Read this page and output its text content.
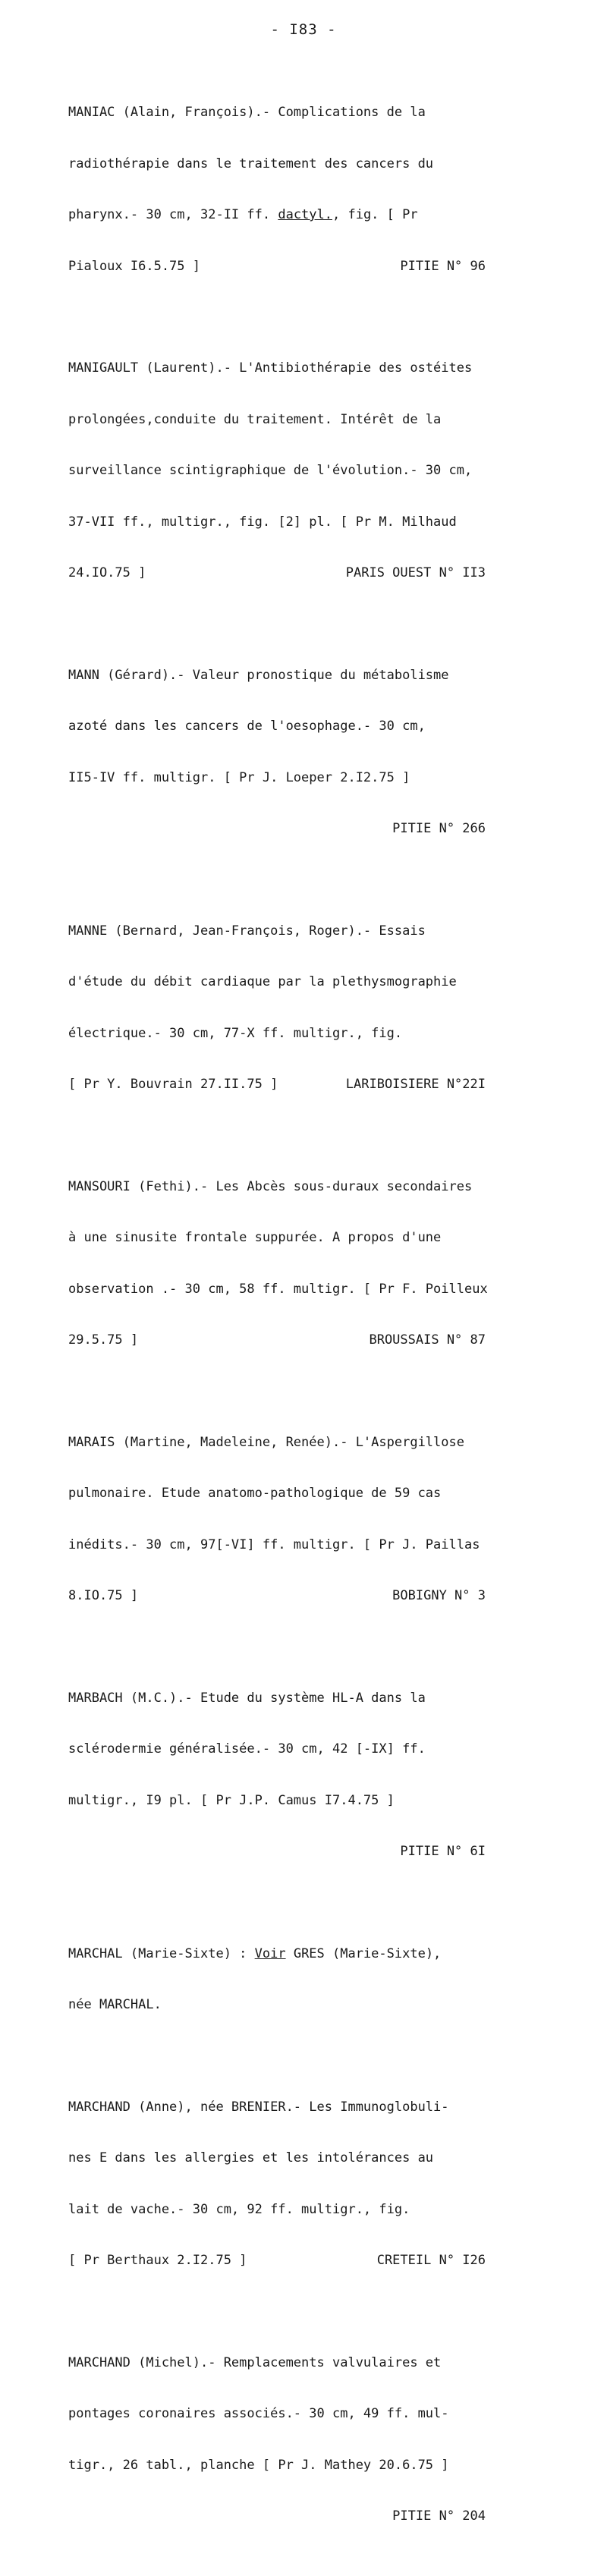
- I83 -

MANIAC (Alain, François).- Complications de la

radiothérapie dans le traitement des cancers du

pharynx.- 30 cm, 32-II ff. dactyl., fig. [ Pr

Pialoux I6.5.75 ]	PITIE N° 96

MANIGAULT (Laurent).- L'Antibiothérapie des ostéites

prolongées,conduite du traitement. Intérêt de la

surveillance scintigraphique de l'évolution.- 30 cm,

37-VII ff., multigr., fig. [2] pl. [ Pr M. Milhaud

24.IO.75 ]	PARIS OUEST N° II3

MANN (Gérard).- Valeur pronostique du métabolisme

azoté dans les cancers de l'oesophage.- 30 cm,

II5-IV ff. multigr. [ Pr J. Loeper 2.I2.75 ]

PITIE N° 266

MANNE (Bernard, Jean-François, Roger).- Essais

d'étude du débit cardiaque par la plethysmographie

électrique.- 30 cm, 77-X ff. multigr., fig.

[ Pr Y. Bouvrain 27.II.75 ]	LARIBOISIERE N°22I

MANSOURI (Fethi).- Les Abcès sous-duraux secondaires

à une sinusite frontale suppurée. A propos d'une

observation .- 30 cm, 58 ff. multigr. [ Pr F. Poilleux

29.5.75 ]	BROUSSAIS N° 87

MARAIS (Martine, Madeleine, Renée).- L'Aspergillose

pulmonaire. Etude anatomo-pathologique de 59 cas

inédits.- 30 cm, 97[-VI] ff. multigr. [ Pr J. Paillas

8.IO.75 ]	BOBIGNY N° 3

MARBACH (M.C.).- Etude du système HL-A dans la

sclérodermie généralisée.- 30 cm, 42 [-IX] ff.

multigr., I9 pl. [ Pr J.P. Camus I7.4.75 ]

PITIE N° 6I

MARCHAL (Marie-Sixte) : Voir GRES (Marie-Sixte),

née MARCHAL.

MARCHAND (Anne), née BRENIER.- Les Immunoglobuli-

nes E dans les allergies et les intolérances au

lait de vache.- 30 cm, 92 ff. multigr., fig.

[ Pr Berthaux 2.I2.75 ]	CRETEIL N° I26

MARCHAND (Michel).- Remplacements valvulaires et

pontages coronaires associés.- 30 cm, 49 ff. mul-

tigr., 26 tabl., planche [ Pr J. Mathey 20.6.75 ]

PITIE N° 204
